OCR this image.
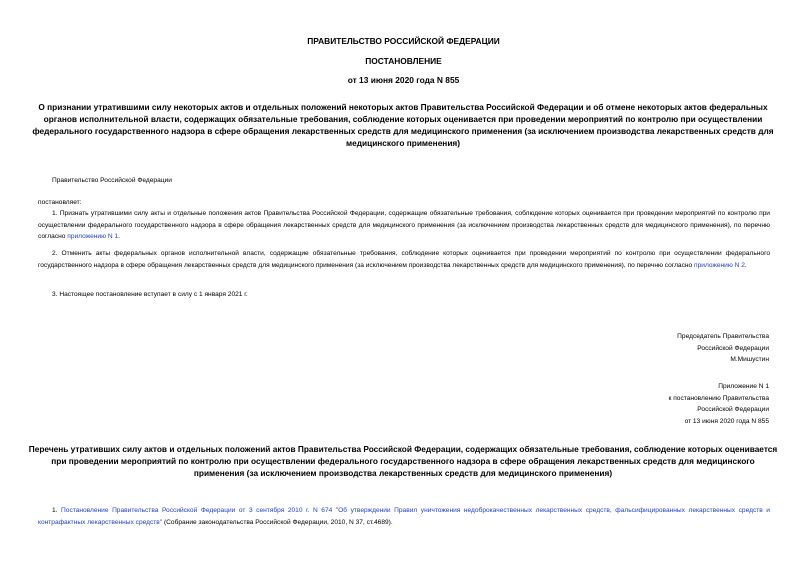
ПРАВИТЕЛЬСТВО РОССИЙСКОЙ ФЕДЕРАЦИИ
ПОСТАНОВЛЕНИЕ
от 13 июня 2020 года N 855
О признании утратившими силу некоторых актов и отдельных положений некоторых актов Правительства Российской Федерации и об отмене некоторых актов федеральных органов исполнительной власти, содержащих обязательные требования, соблюдение которых оценивается при проведении мероприятий по контролю при осуществлении федерального государственного надзора в сфере обращения лекарственных средств для медицинского применения (за исключением производства лекарственных средств для медицинского применения)
Правительство Российской Федерации
постановляет:
1. Признать утратившими силу акты и отдельные положения актов Правительства Российской Федерации, содержащие обязательные требования, соблюдение которых оценивается при проведении мероприятий по контролю при осуществлении федерального государственного надзора в сфере обращения лекарственных средств для медицинского применения (за исключением производства лекарственных средств для медицинского применения), по перечню согласно приложению N 1.
2. Отменить акты федеральных органов исполнительной власти, содержащие обязательные требования, соблюдение которых оценивается при проведении мероприятий по контролю при осуществлении федерального государственного надзора в сфере обращения лекарственных средств для медицинского применения (за исключением производства лекарственных средств для медицинского применения), по перечню согласно приложению N 2.
3. Настоящее постановление вступает в силу с 1 января 2021 г.
Председатель Правительства
Российской Федерации
М.Мишустин
Приложение N 1
к постановлению Правительства
Российской Федерации
от 13 июня 2020 года N 855
Перечень утративших силу актов и отдельных положений актов Правительства Российской Федерации, содержащих обязательные требования, соблюдение которых оценивается при проведении мероприятий по контролю при осуществлении федерального государственного надзора в сфере обращения лекарственных средств для медицинского применения (за исключением производства лекарственных средств для медицинского применения)
1. Постановление Правительства Российской Федерации от 3 сентября 2010 г. N 674 "Об утверждении Правил уничтожения недоброкачественных лекарственных средств, фальсифицированных лекарственных средств и контрафактных лекарственных средств" (Собрание законодательства Российской Федерации, 2010, N 37, ст.4689).
